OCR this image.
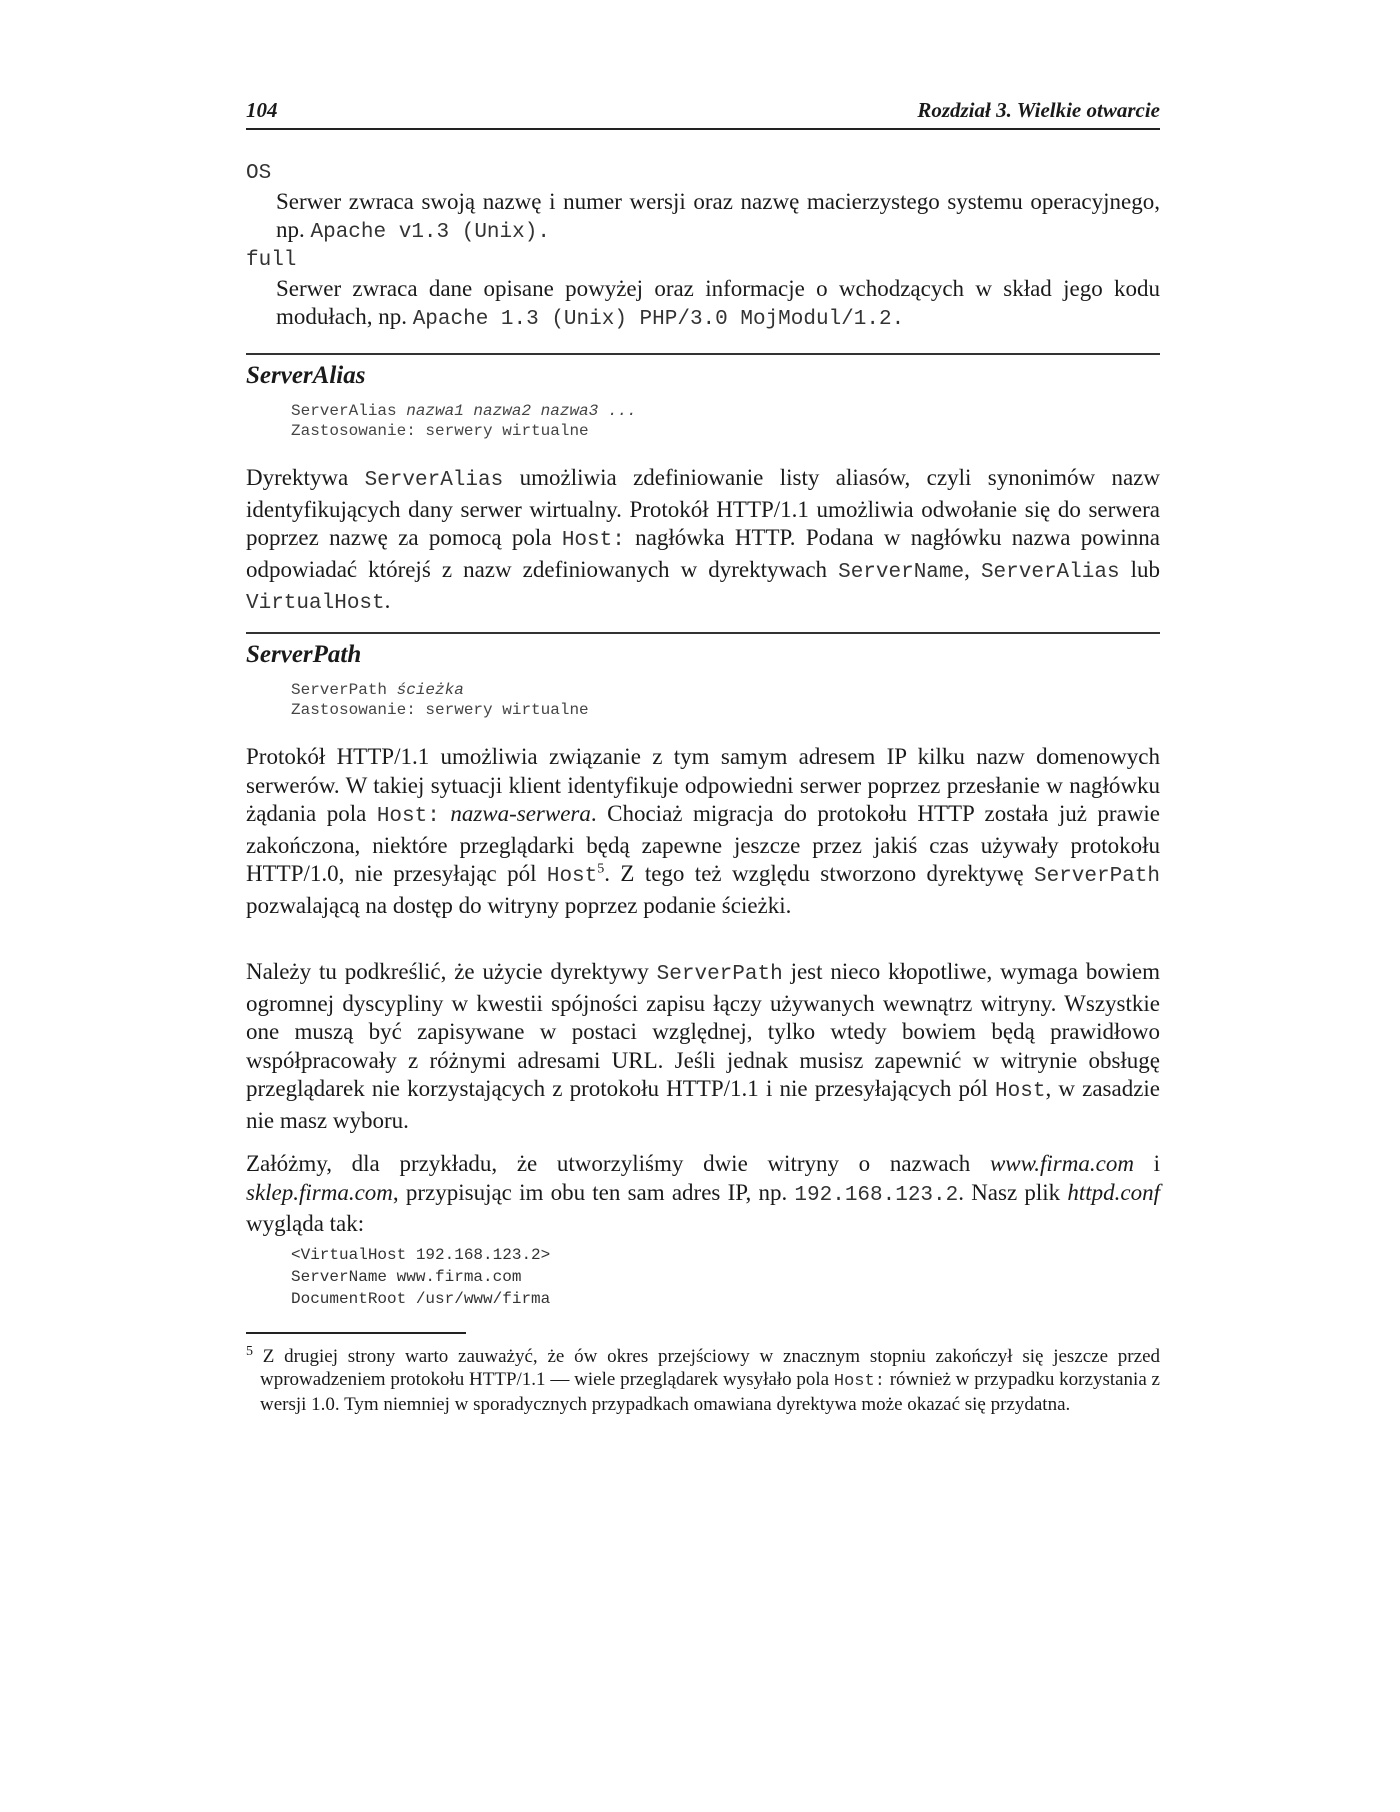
104	Rozdział 3. Wielkie otwarcie
OS
Serwer zwraca swoją nazwę i numer wersji oraz nazwę macierzystego systemu operacyjnego, np. Apache v1.3 (Unix).
full
Serwer zwraca dane opisane powyżej oraz informacje o wchodzących w skład jego kodu modułach, np. Apache 1.3 (Unix) PHP/3.0 MojModul/1.2.
ServerAlias
ServerAlias nazwa1 nazwa2 nazwa3 ...
Zastosowanie: serwery wirtualne
Dyrektywa ServerAlias umożliwia zdefiniowanie listy aliasów, czyli synonimów nazw identyfikujących dany serwer wirtualny. Protokół HTTP/1.1 umożliwia odwołanie się do serwera poprzez nazwę za pomocą pola Host: nagłówka HTTP. Podana w nagłówku nazwa powinna odpowiadać którejś z nazw zdefiniowanych w dyrektywach ServerName, ServerAlias lub VirtualHost.
ServerPath
ServerPath ścieżka
Zastosowanie: serwery wirtualne
Protokół HTTP/1.1 umożliwia związanie z tym samym adresem IP kilku nazw domenowych serwerów. W takiej sytuacji klient identyfikuje odpowiedni serwer poprzez przesłanie w nagłówku żądania pola Host: nazwa-serwera. Chociaż migracja do protokołu HTTP została już prawie zakończona, niektóre przeglądarki będą zapewne jeszcze przez jakiś czas używały protokołu HTTP/1.0, nie przesyłając pól Host$^5$. Z tego też względu stworzono dyrektywę ServerPath pozwalającą na dostęp do witryny poprzez podanie ścieżki.
Należy tu podkreślić, że użycie dyrektywy ServerPath jest nieco kłopotliwe, wymaga bowiem ogromnej dyscypliny w kwestii spójności zapisu łączy używanych wewnątrz witryny. Wszystkie one muszą być zapisywane w postaci względnej, tylko wtedy bowiem będą prawidłowo współpracowały z różnymi adresami URL. Jeśli jednak musisz zapewnić w witrynie obsługę przeglądarek nie korzystających z protokołu HTTP/1.1 i nie przesyłających pól Host, w zasadzie nie masz wyboru.
Załóżmy, dla przykładu, że utworzyliśmy dwie witryny o nazwach www.firma.com i sklep.firma.com, przypisując im obu ten sam adres IP, np. 192.168.123.2. Nasz plik httpd.conf wygląda tak:
<VirtualHost 192.168.123.2>
ServerName www.firma.com
DocumentRoot /usr/www/firma
$^5$ Z drugiej strony warto zauważyć, że ów okres przejściowy w znacznym stopniu zakończył się jeszcze przed wprowadzeniem protokołu HTTP/1.1 — wiele przeglądarek wysyłało pola Host: również w przypadku korzystania z wersji 1.0. Tym niemniej w sporadycznych przypadkach omawiana dyrektywa może okazać się przydatna.
